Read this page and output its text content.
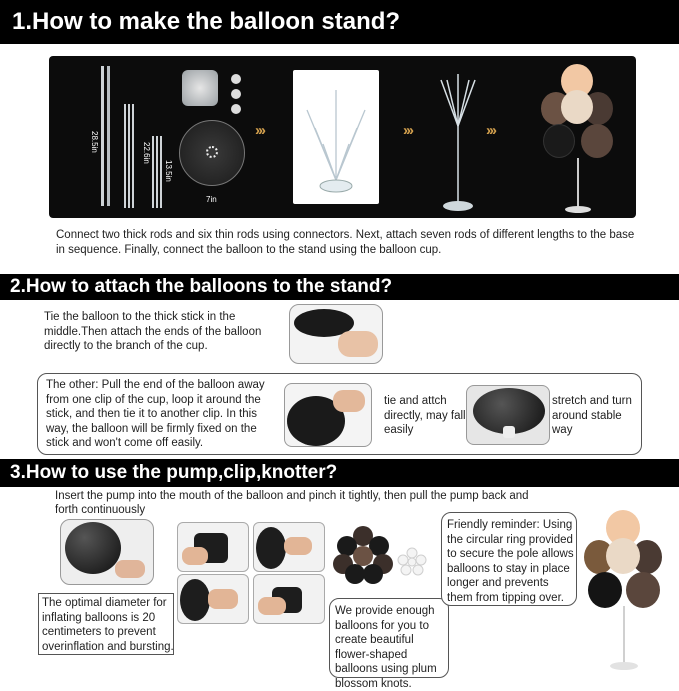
1.How to make the balloon stand?
28.5in
22.6in
13.5in
7in
›››	›››	›››

Connect two thick rods and six thin rods using connectors. Next, attach seven rods of different lengths to the base in sequence. Finally, connect the balloon to the stand using the balloon cup.

2.How to attach the balloons to the stand?

Tie the balloon to the thick stick in the middle.Then attach the ends of the balloon directly to the branch of the cup.

The other: Pull the end of the balloon away from one clip of the cup, loop it around the stick, and then tie it to another clip. In this way, the balloon will be firmly fixed on the stick and won't come off easily.

tie and attch directly, may fall easily

stretch and turn around stable way

3.How to use the pump,clip,knotter?

Insert the pump into the mouth of the balloon and pinch it tightly, then pull the pump back and forth continuously

The optimal diameter for inflating balloons is 20 centimeters to prevent overinflation and bursting.

We provide enough balloons for you to create beautiful flower-shaped balloons using plum blossom knots.

Friendly reminder: Using the circular ring provided to secure the pole allows balloons to stay in place longer and prevents them from tipping over.
